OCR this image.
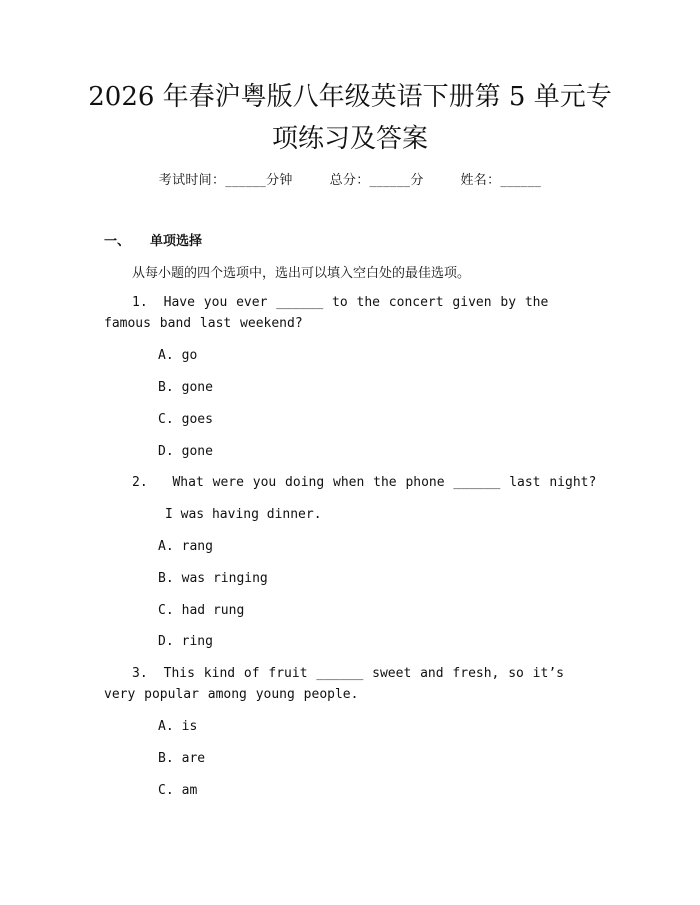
2026 年春沪粤版八年级英语下册第 5 单元专
项练习及答案
考试时间：______分钟	总分：______分	姓名：______
一、 单项选择
从每小题的四个选项中，选出可以填入空白处的最佳选项。
1. Have you ever ______ to the concert given by the famous band last weekend?
A. go
B. gone
C. goes
D. gone
2. What were you doing when the phone ______ last night?
I was having dinner.
A. rang
B. was ringing
C. had rung
D. ring
3. This kind of fruit ______ sweet and fresh, so it’s very popular among young people.
A. is
B. are
C. am
